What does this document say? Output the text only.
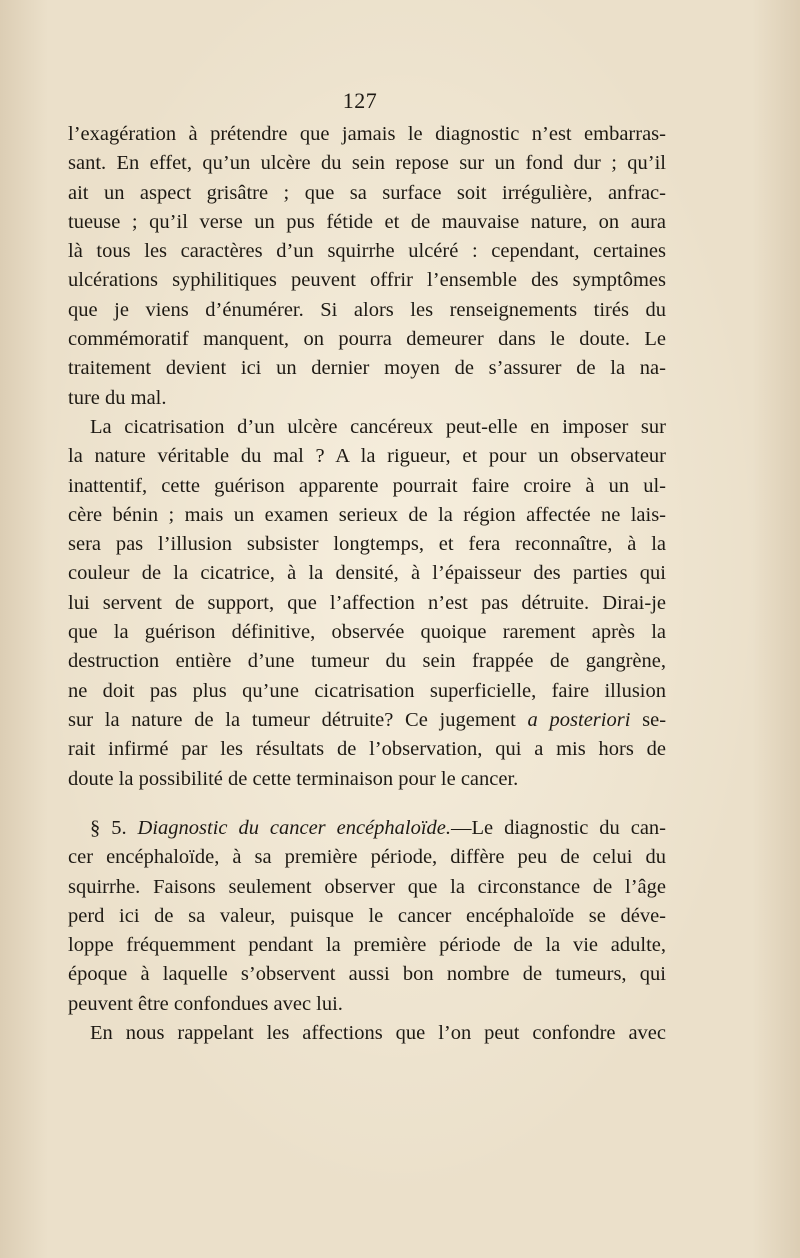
127
l’exagération à prétendre que jamais le diagnostic n’est embarras-
sant. En effet, qu’un ulcère du sein repose sur un fond dur ; qu’il
ait un aspect grisâtre ; que sa surface soit irrégulière, anfrac-
tueuse ; qu’il verse un pus fétide et de mauvaise nature, on aura
là tous les caractères d’un squirrhe ulcéré : cependant, certaines
ulcérations syphilitiques peuvent offrir l’ensemble des symptômes
que je viens d’énumérer. Si alors les renseignements tirés du
commémoratif manquent, on pourra demeurer dans le doute. Le
traitement devient ici un dernier moyen de s’assurer de la na-
ture du mal.
La cicatrisation d’un ulcère cancéreux peut-elle en imposer sur
la nature véritable du mal ? A la rigueur, et pour un observateur
inattentif, cette guérison apparente pourrait faire croire à un ul-
cère bénin ; mais un examen serieux de la région affectée ne lais-
sera pas l’illusion subsister longtemps, et fera reconnaître, à la
couleur de la cicatrice, à la densité, à l’épaisseur des parties qui
lui servent de support, que l’affection n’est pas détruite. Dirai-je
que la guérison définitive, observée quoique rarement après la
destruction entière d’une tumeur du sein frappée de gangrène,
ne doit pas plus qu’une cicatrisation superficielle, faire illusion
sur la nature de la tumeur détruite? Ce jugement a posteriori se-
rait infirmé par les résultats de l’observation, qui a mis hors de
doute la possibilité de cette terminaison pour le cancer.
§ 5. Diagnostic du cancer encéphaloïde.—Le diagnostic du can-
cer encéphaloïde, à sa première période, diffère peu de celui du
squirrhe. Faisons seulement observer que la circonstance de l’âge
perd ici de sa valeur, puisque le cancer encéphaloïde se déve-
loppe fréquemment pendant la première période de la vie adulte,
époque à laquelle s’observent aussi bon nombre de tumeurs, qui
peuvent être confondues avec lui.
En nous rappelant les affections que l’on peut confondre avec
